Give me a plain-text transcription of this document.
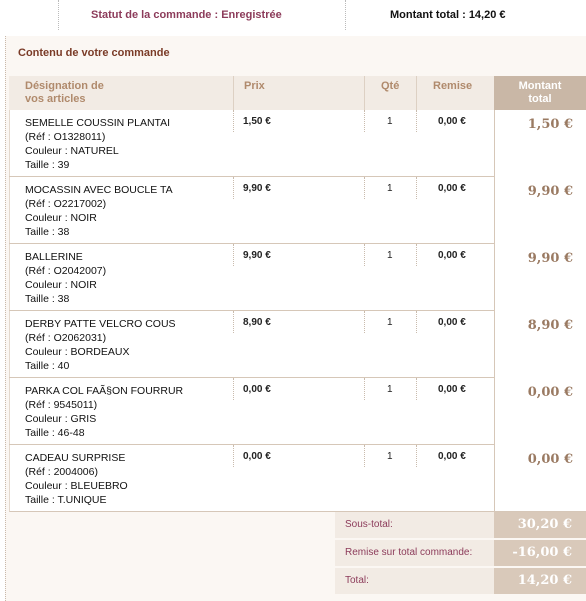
Statut de la commande : Enregistrée	Montant total : 14,20 €
Contenu de votre commande
Désignation de
vos articles
Prix	Qté	Remise	Montant
total
SEMELLE COUSSIN PLANTAI
(Réf : O1328011)
Couleur : NATUREL
Taille : 39
1,50 €	1	0,00 €	1,50 €
MOCASSIN AVEC BOUCLE TA
(Réf : O2217002)
Couleur : NOIR
Taille : 38
9,90 €	1	0,00 €	9,90 €
BALLERINE
(Réf : O2042007)
Couleur : NOIR
Taille : 38
9,90 €	1	0,00 €	9,90 €
DERBY PATTE VELCRO COUS
(Réf : O2062031)
Couleur : BORDEAUX
Taille : 40
8,90 €	1	0,00 €	8,90 €
PARKA COL FAÃ§ON FOURRUR
(Réf : 9545011)
Couleur : GRIS
Taille : 46-48
0,00 €	1	0,00 €	0,00 €
CADEAU SURPRISE
(Réf : 2004006)
Couleur : BLEUEBRO
Taille : T.UNIQUE
0,00 €	1	0,00 €	0,00 €
Sous-total:	30,20 €
Remise sur total commande:	-16,00 €
Total:	14,20 €
